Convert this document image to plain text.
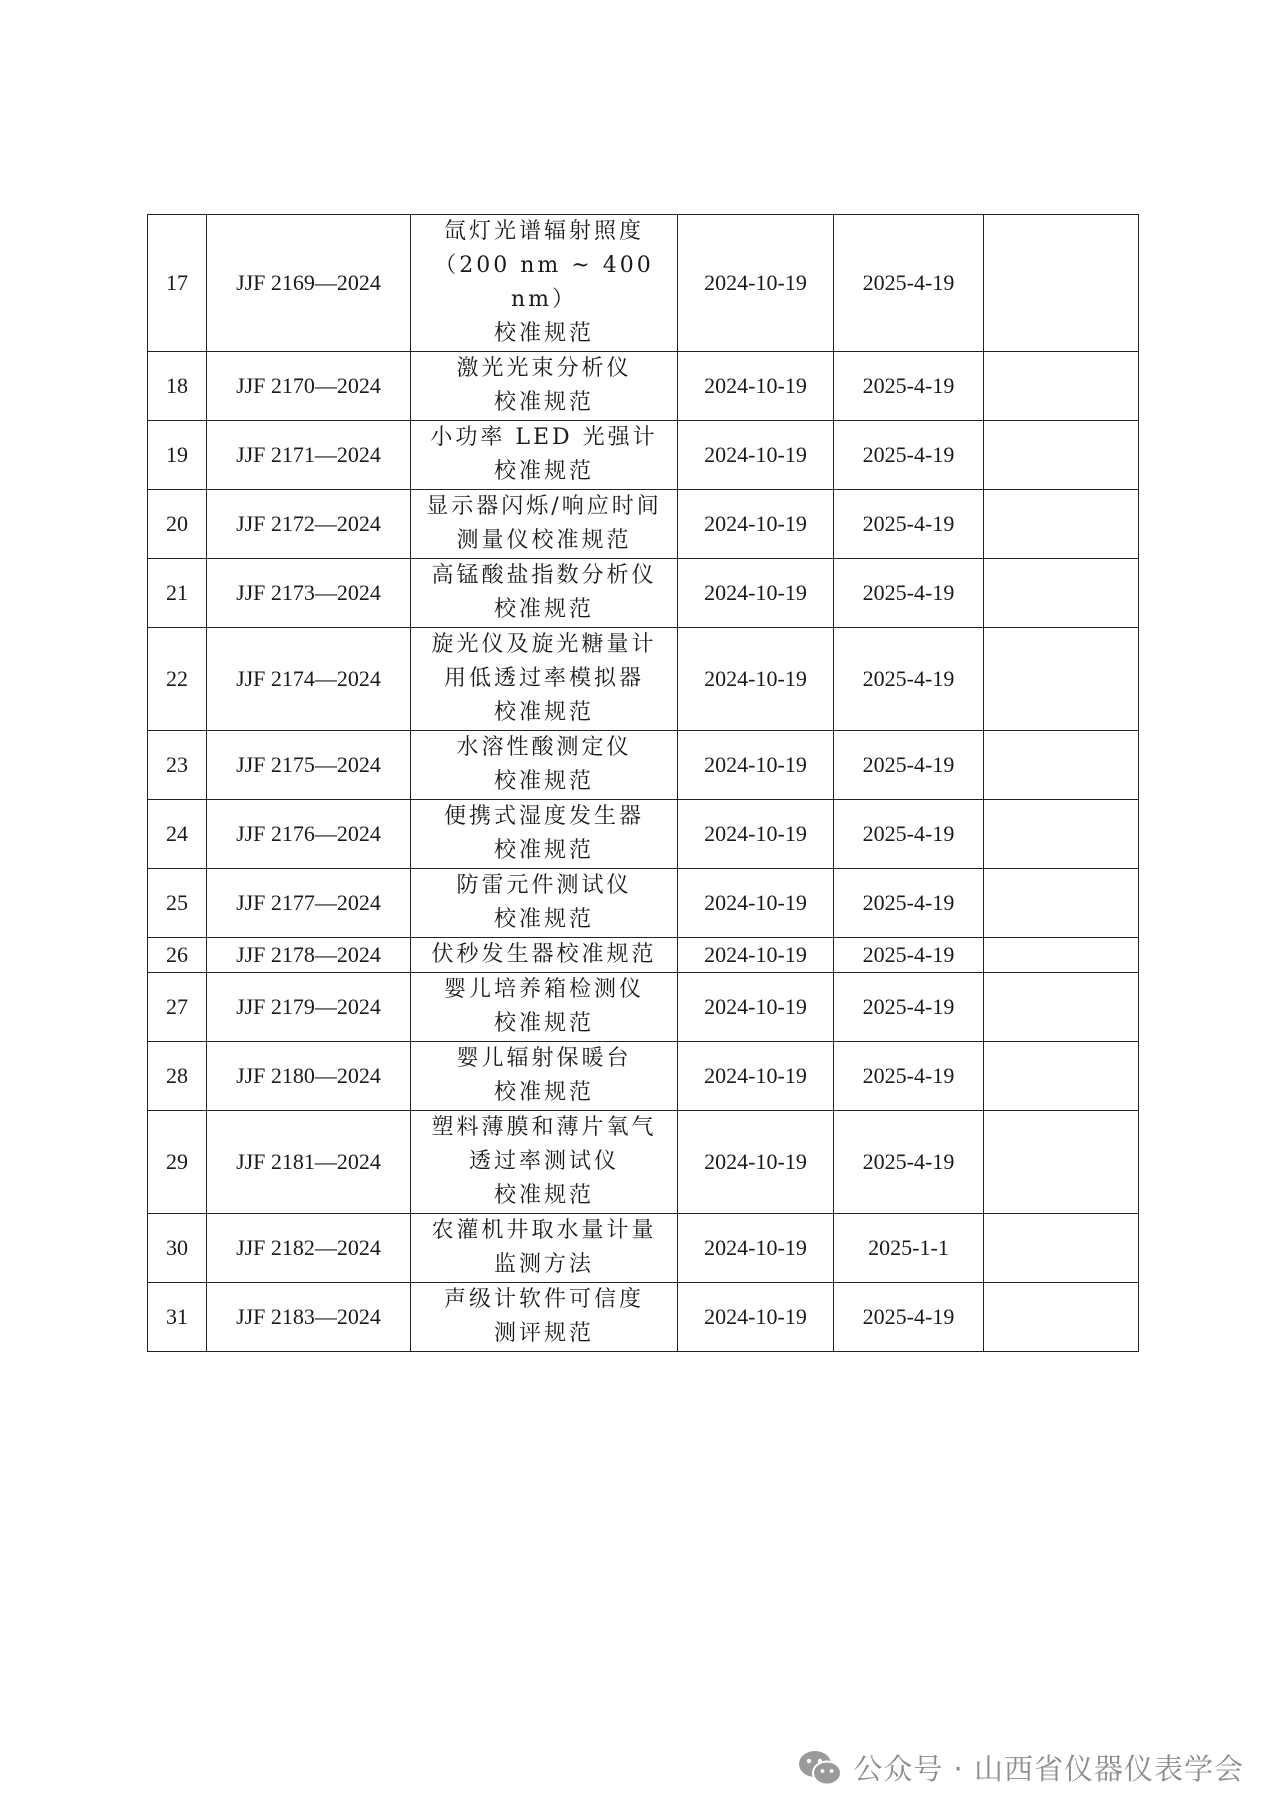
17	JJF 2169—2024	氙灯光谱辐射照度
（200 nm ~ 400 nm）
校准规范	2024-10-19	2025-4-19	
18	JJF 2170—2024	激光光束分析仪
校准规范	2024-10-19	2025-4-19	
19	JJF 2171—2024	小功率 LED 光强计
校准规范	2024-10-19	2025-4-19	
20	JJF 2172—2024	显示器闪烁/响应时间
测量仪校准规范	2024-10-19	2025-4-19	
21	JJF 2173—2024	高锰酸盐指数分析仪
校准规范	2024-10-19	2025-4-19	
22	JJF 2174—2024	旋光仪及旋光糖量计
用低透过率模拟器
校准规范	2024-10-19	2025-4-19	
23	JJF 2175—2024	水溶性酸测定仪
校准规范	2024-10-19	2025-4-19	
24	JJF 2176—2024	便携式湿度发生器
校准规范	2024-10-19	2025-4-19	
25	JJF 2177—2024	防雷元件测试仪
校准规范	2024-10-19	2025-4-19	
26	JJF 2178—2024	伏秒发生器校准规范	2024-10-19	2025-4-19	
27	JJF 2179—2024	婴儿培养箱检测仪
校准规范	2024-10-19	2025-4-19	
28	JJF 2180—2024	婴儿辐射保暖台
校准规范	2024-10-19	2025-4-19	
29	JJF 2181—2024	塑料薄膜和薄片氧气
透过率测试仪
校准规范	2024-10-19	2025-4-19	
30	JJF 2182—2024	农灌机井取水量计量
监测方法	2024-10-19	2025-1-1	
31	JJF 2183—2024	声级计软件可信度
测评规范	2024-10-19	2025-4-19	
公众号 · 山西省仪器仪表学会
